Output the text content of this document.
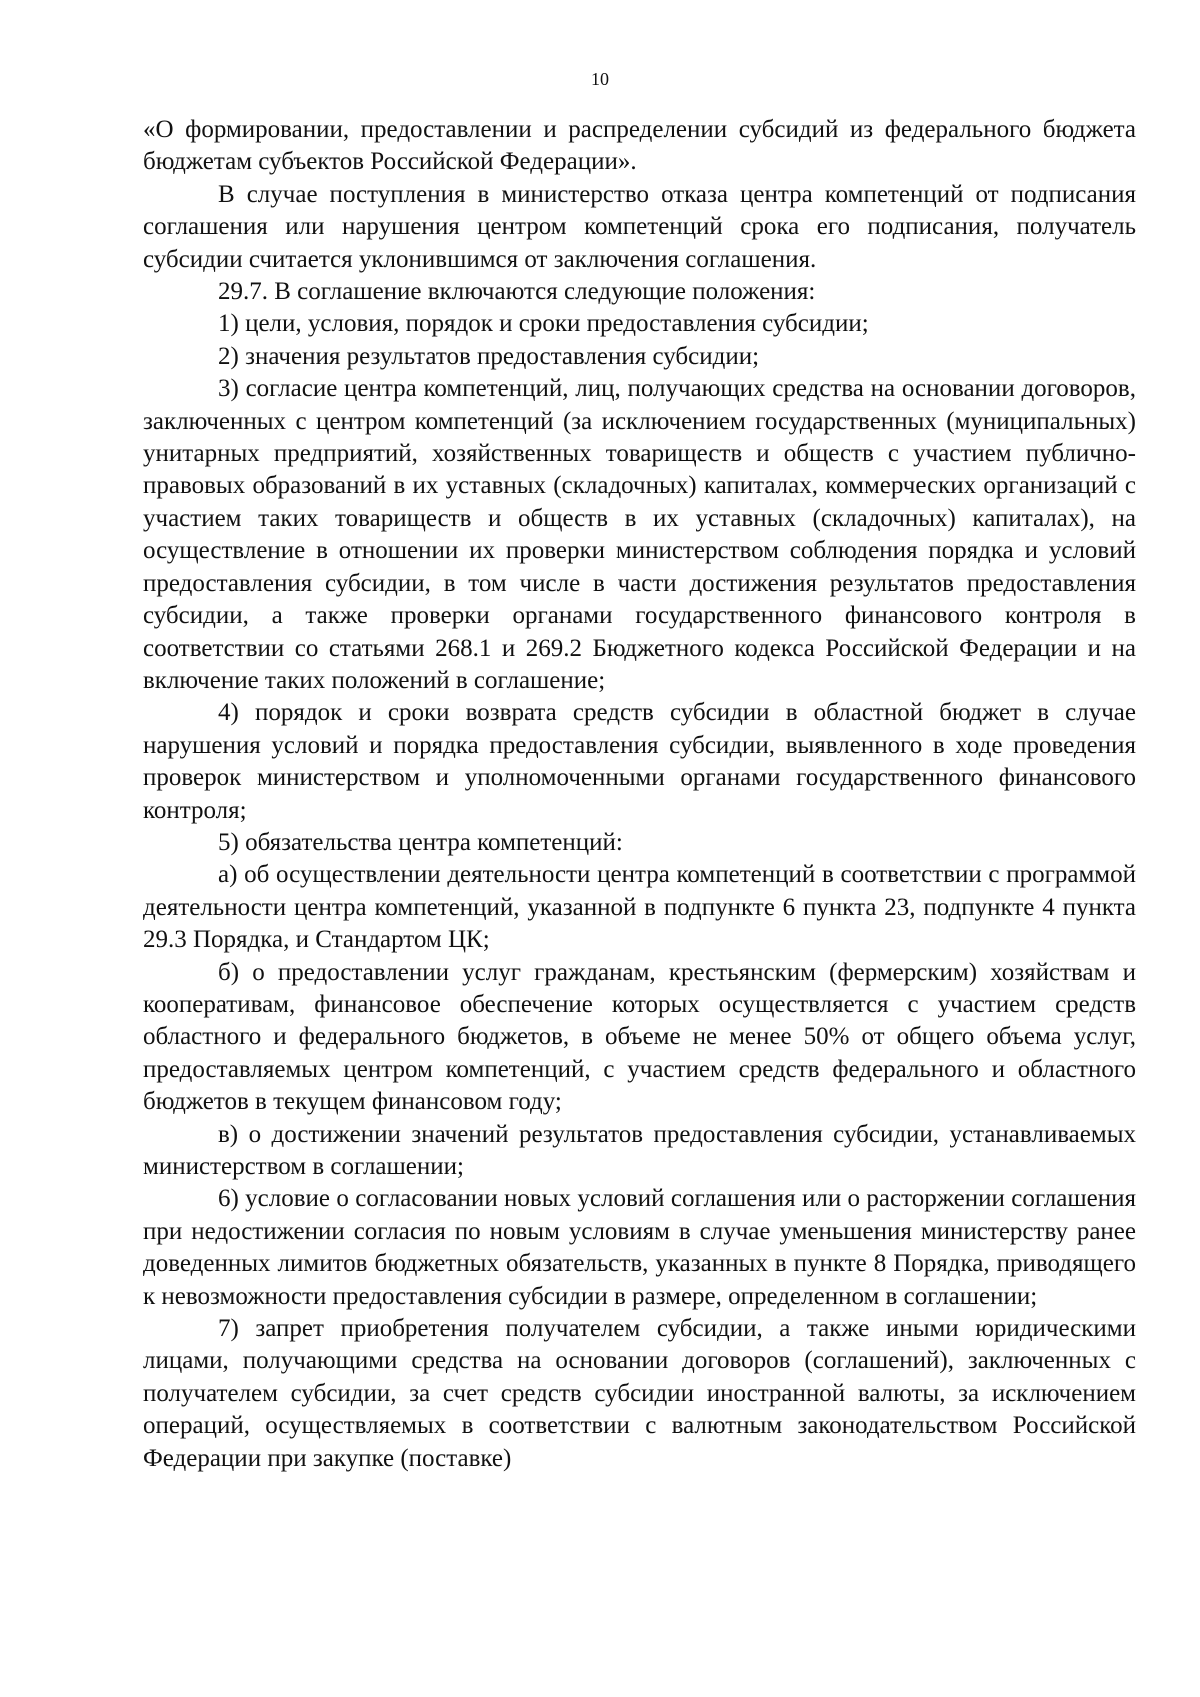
10

«О формировании, предоставлении и распределении субсидий из федерального бюджета бюджетам субъектов Российской Федерации».

В случае поступления в министерство отказа центра компетенций от подписания соглашения или нарушения центром компетенций срока его подписания, получатель субсидии считается уклонившимся от заключения соглашения.

29.7. В соглашение включаются следующие положения:

1) цели, условия, порядок и сроки предоставления субсидии;

2) значения результатов предоставления субсидии;

3) согласие центра компетенций, лиц, получающих средства на основании договоров, заключенных с центром компетенций (за исключением государственных (муниципальных) унитарных предприятий, хозяйственных товариществ и обществ с участием публично-правовых образований в их уставных (складочных) капиталах, коммерческих организаций с участием таких товариществ и обществ в их уставных (складочных) капиталах), на осуществление в отношении их проверки министерством соблюдения порядка и условий предоставления субсидии, в том числе в части достижения результатов предоставления субсидии, а также проверки органами государственного финансового контроля в соответствии со статьями 268.1 и 269.2 Бюджетного кодекса Российской Федерации и на включение таких положений в соглашение;

4) порядок и сроки возврата средств субсидии в областной бюджет в случае нарушения условий и порядка предоставления субсидии, выявленного в ходе проведения проверок министерством и уполномоченными органами государственного финансового контроля;

5) обязательства центра компетенций:

а) об осуществлении деятельности центра компетенций в соответствии с программой деятельности центра компетенций, указанной в подпункте 6 пункта 23, подпункте 4 пункта 29.3 Порядка, и Стандартом ЦК;

б) о предоставлении услуг гражданам, крестьянским (фермерским) хозяйствам и кооперативам, финансовое обеспечение которых осуществляется с участием средств областного и федерального бюджетов, в объеме не менее 50% от общего объема услуг, предоставляемых центром компетенций, с участием средств федерального и областного бюджетов в текущем финансовом году;

в) о достижении значений результатов предоставления субсидии, устанавливаемых министерством в соглашении;

6) условие о согласовании новых условий соглашения или о расторжении соглашения при недостижении согласия по новым условиям в случае уменьшения министерству ранее доведенных лимитов бюджетных обязательств, указанных в пункте 8 Порядка, приводящего к невозможности предоставления субсидии в размере, определенном в соглашении;

7) запрет приобретения получателем субсидии, а также иными юридическими лицами, получающими средства на основании договоров (соглашений), заключенных с получателем субсидии, за счет средств субсидии иностранной валюты, за исключением операций, осуществляемых в соответствии с валютным законодательством Российской Федерации при закупке (поставке)
